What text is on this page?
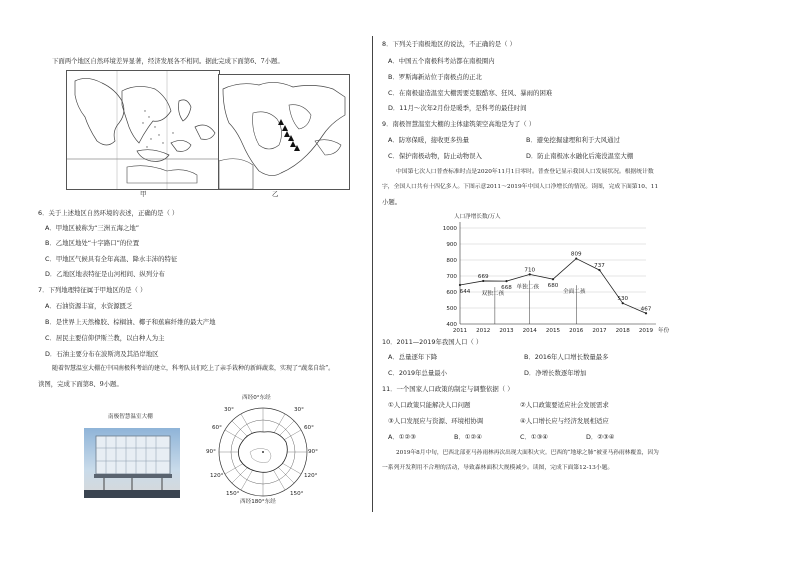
下面两个地区自然环境差异显著，经济发展各不相同。据此完成下面第6、7小题。
甲	乙
6．关于上述地区自然环境的表述，正确的是（ ）
A．甲地区被称为“三洲五海之地”
B．乙地区地处“十字路口”的位置
C．甲地区气候具有全年高温、降水丰沛的特征
D．乙地区地表特征是山河相间、纵列分布
7．下列地理特征属于甲地区的是（ ）
A．石油资源丰富，水资源匮乏
B．是世界上天然橡胶、棕榈油、椰子和蕉麻纤维的最大产地
C．居民主要信仰伊斯兰教，以白种人为主
D．石油主要分布在波斯湾及其沿岸地区
随着智慧温室大棚在中国南极科考站的建立，科考队员们吃上了亲手栽种的新鲜蔬菜，实现了“蔬菜自给”。
读图，完成下面第8、9小题。
南极智慧温室大棚
西经0°东经
西经180°东经
60°	60°
90°	90°
120°	120°
150°	150°
30°	30°
8．下列关于南极地区的说法，不正确的是（ ）
A．中国五个南极科考站都在南极圈内
B．罗斯海新站位于南极点的正北
C．在南极建造温室大棚需要克服酷寒、狂风、暴雨的困难
D．11月～次年2月份是暖季，是科考的最佳时间
9．南极智慧温室大棚的主体建筑架空高地是为了（ ）
A．防寒保暖，接收更多热量	B．避免挖掘建埋和利于大风通过
C．保护南极动物，防止动物误入	D．防止南极冰水融化后淹没温室大棚
中国第七次人口普查标准时点是2020年11月1日零时。普查登记显示我国人口发展状况。根据统计数
字，全国人口共有十四亿多人。下图示意2011～2019年中国人口净增长的情况。读图，完成下面第10、11
小题。
人口净增长数/万人
400
500
600
700
800
900
1000
2011 2012 2013 2014 2015 2016 2017 2018 2019 年份
644
669
668
710
680
809
737
530
467
双独二孩
单独二孩
全面二孩
10．2011—2019年我国人口（ ）
A．总量逐年下降	B．2016年人口增长数量最多
C．2019年总量最小	D．净增长数逐年增加
11．一个国家人口政策的制定与调整依据（ ）
①人口政策只能解决人口问题	②人口政策要适应社会发展需求
③人口发展应与资源、环境相协调	④人口增长应与经济发展相适应
A．①②③	B．①②④	C．①③④	D．②③④
2019年8月中旬，巴西北部亚马孙雨林再次出现大面积火灾。巴西的“地球之肺”被亚马孙雨林覆盖，因为
一系列开发利用不合理的活动，导致森林面积大规模减少。读图，完成下面第12-13小题。
